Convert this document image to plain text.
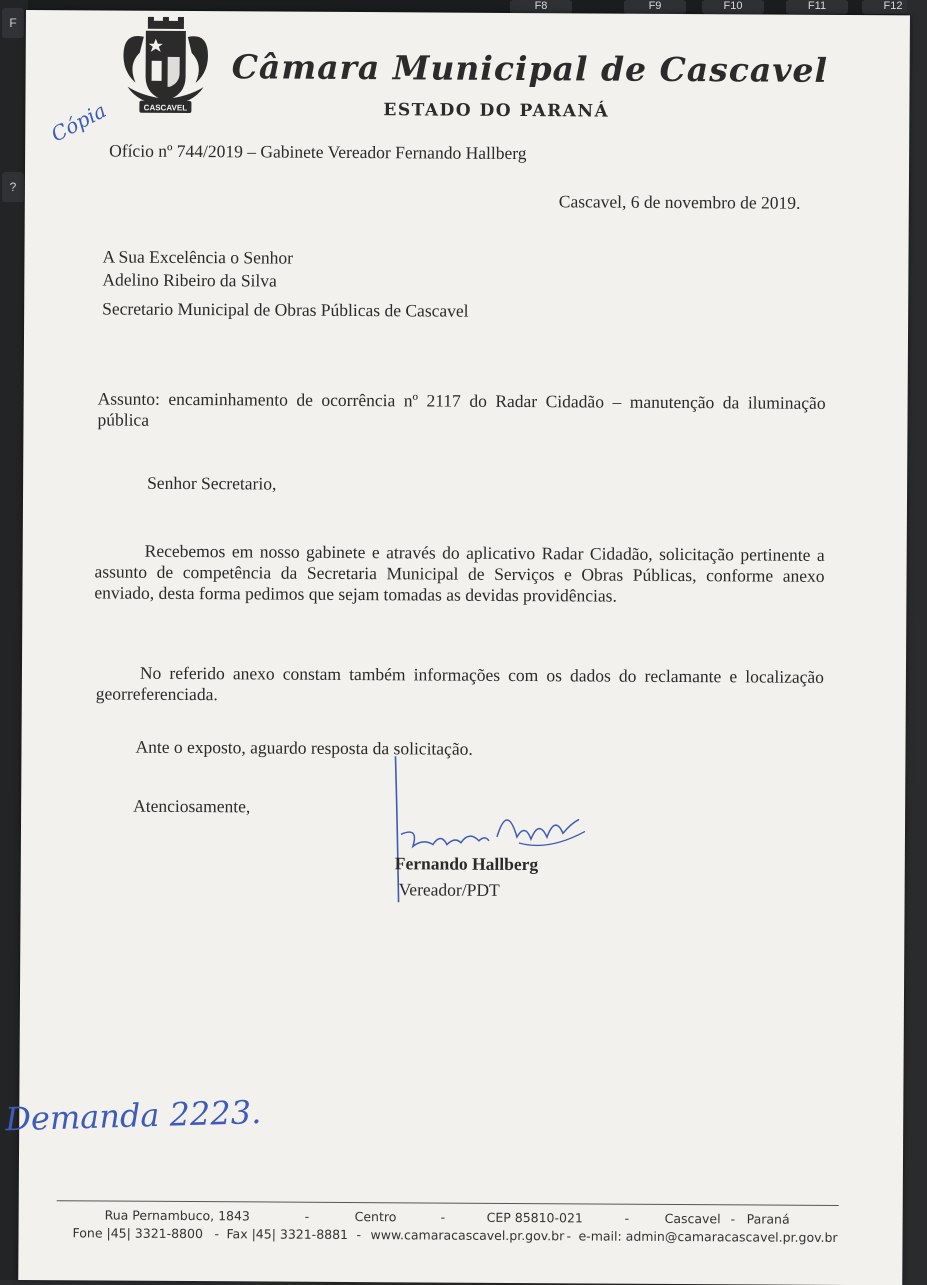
F8	F9	F10	F11	F12
F
?
CASCAVEL
Câmara Municipal de Cascavel
ESTADO DO PARANÁ
Cópia
Ofício nº 744/2019 – Gabinete Vereador Fernando Hallberg
Cascavel, 6 de novembro de 2019.
A Sua Excelência o Senhor
Adelino Ribeiro da Silva
Secretario Municipal de Obras Públicas de Cascavel
Assunto: encaminhamento de ocorrência nº 2117 do Radar Cidadão – manutenção da iluminação pública
Senhor Secretario,
Recebemos em nosso gabinete e através do aplicativo Radar Cidadão, solicitação pertinente a assunto de competência da Secretaria Municipal de Serviços e Obras Públicas, conforme anexo enviado, desta forma pedimos que sejam tomadas as devidas providências.
No referido anexo constam também informações com os dados do reclamante e localização georreferenciada.
Ante o exposto, aguardo resposta da solicitação.
Atenciosamente,
Fernando Hallberg
Vereador/PDT
Demanda 2223.
Rua Pernambuco, 1843	-	Centro	-	CEP 85810-021	-	Cascavel - Paraná
Fone |45| 3321-8800 - Fax |45| 3321-8881 - www.camaracascavel.pr.gov.br - e-mail: admin@camaracascavel.pr.gov.br
